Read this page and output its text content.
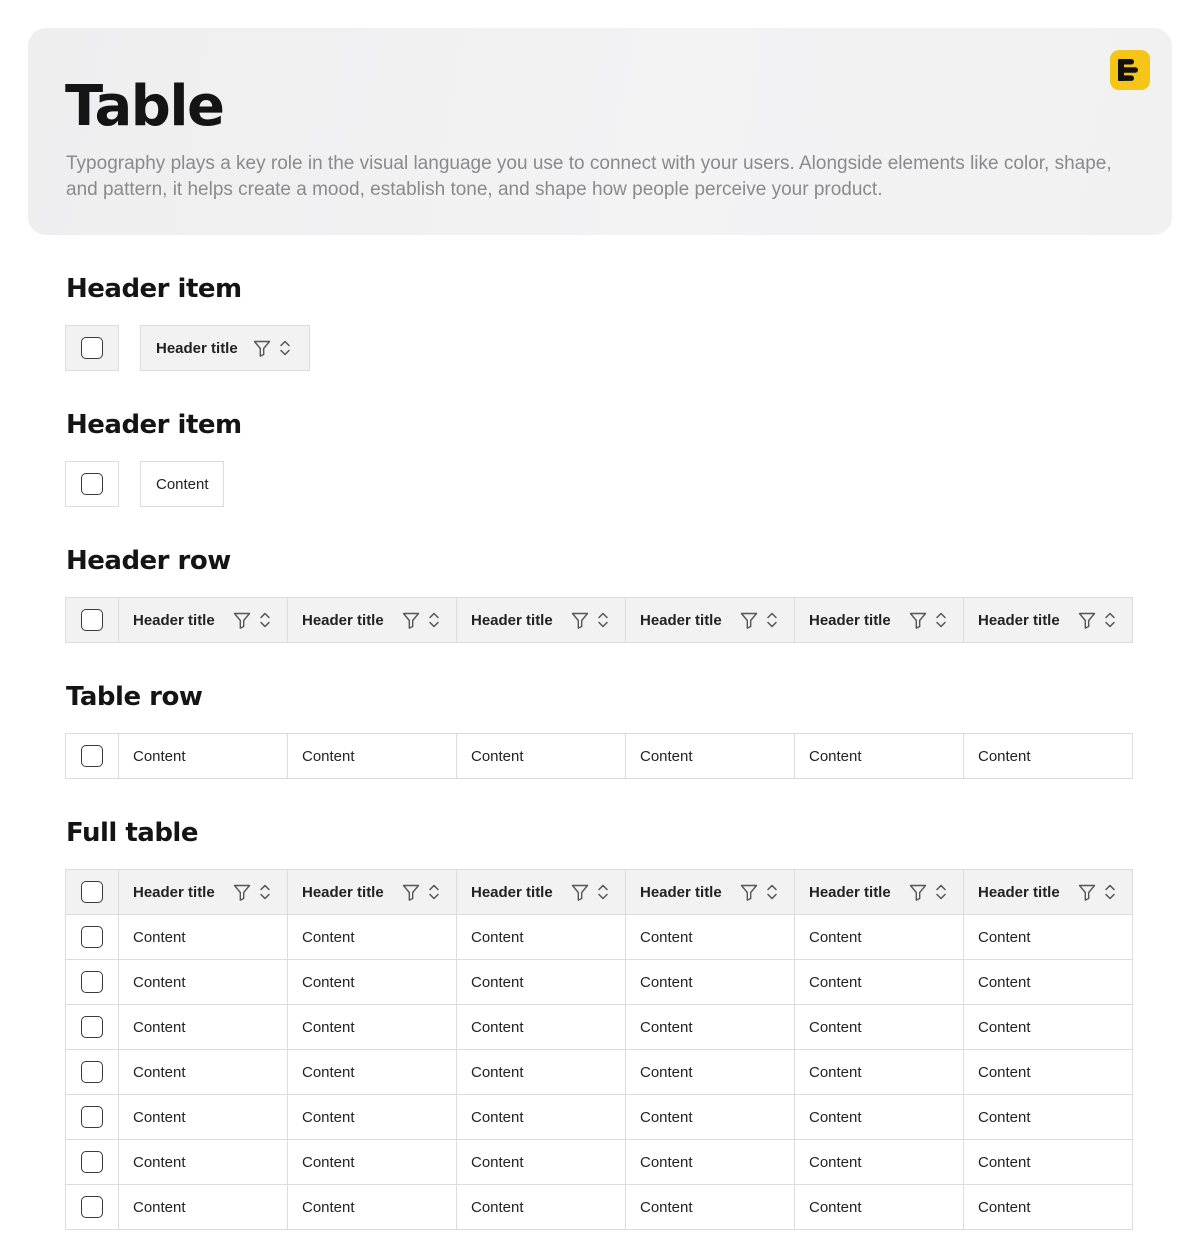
Table
Typography plays a key role in the visual language you use to connect with your users. Alongside elements like color, shape, and pattern, it helps create a mood, establish tone, and shape how people perceive your product.
Header item
Header title
Header item
Content
Header row
Header title	Header title	Header title	Header title	Header title	Header title
Table row
Content	Content	Content	Content	Content	Content
Full table
Header title	Header title	Header title	Header title	Header title	Header title
Content	Content	Content	Content	Content	Content
Content	Content	Content	Content	Content	Content
Content	Content	Content	Content	Content	Content
Content	Content	Content	Content	Content	Content
Content	Content	Content	Content	Content	Content
Content	Content	Content	Content	Content	Content
Content	Content	Content	Content	Content	Content
